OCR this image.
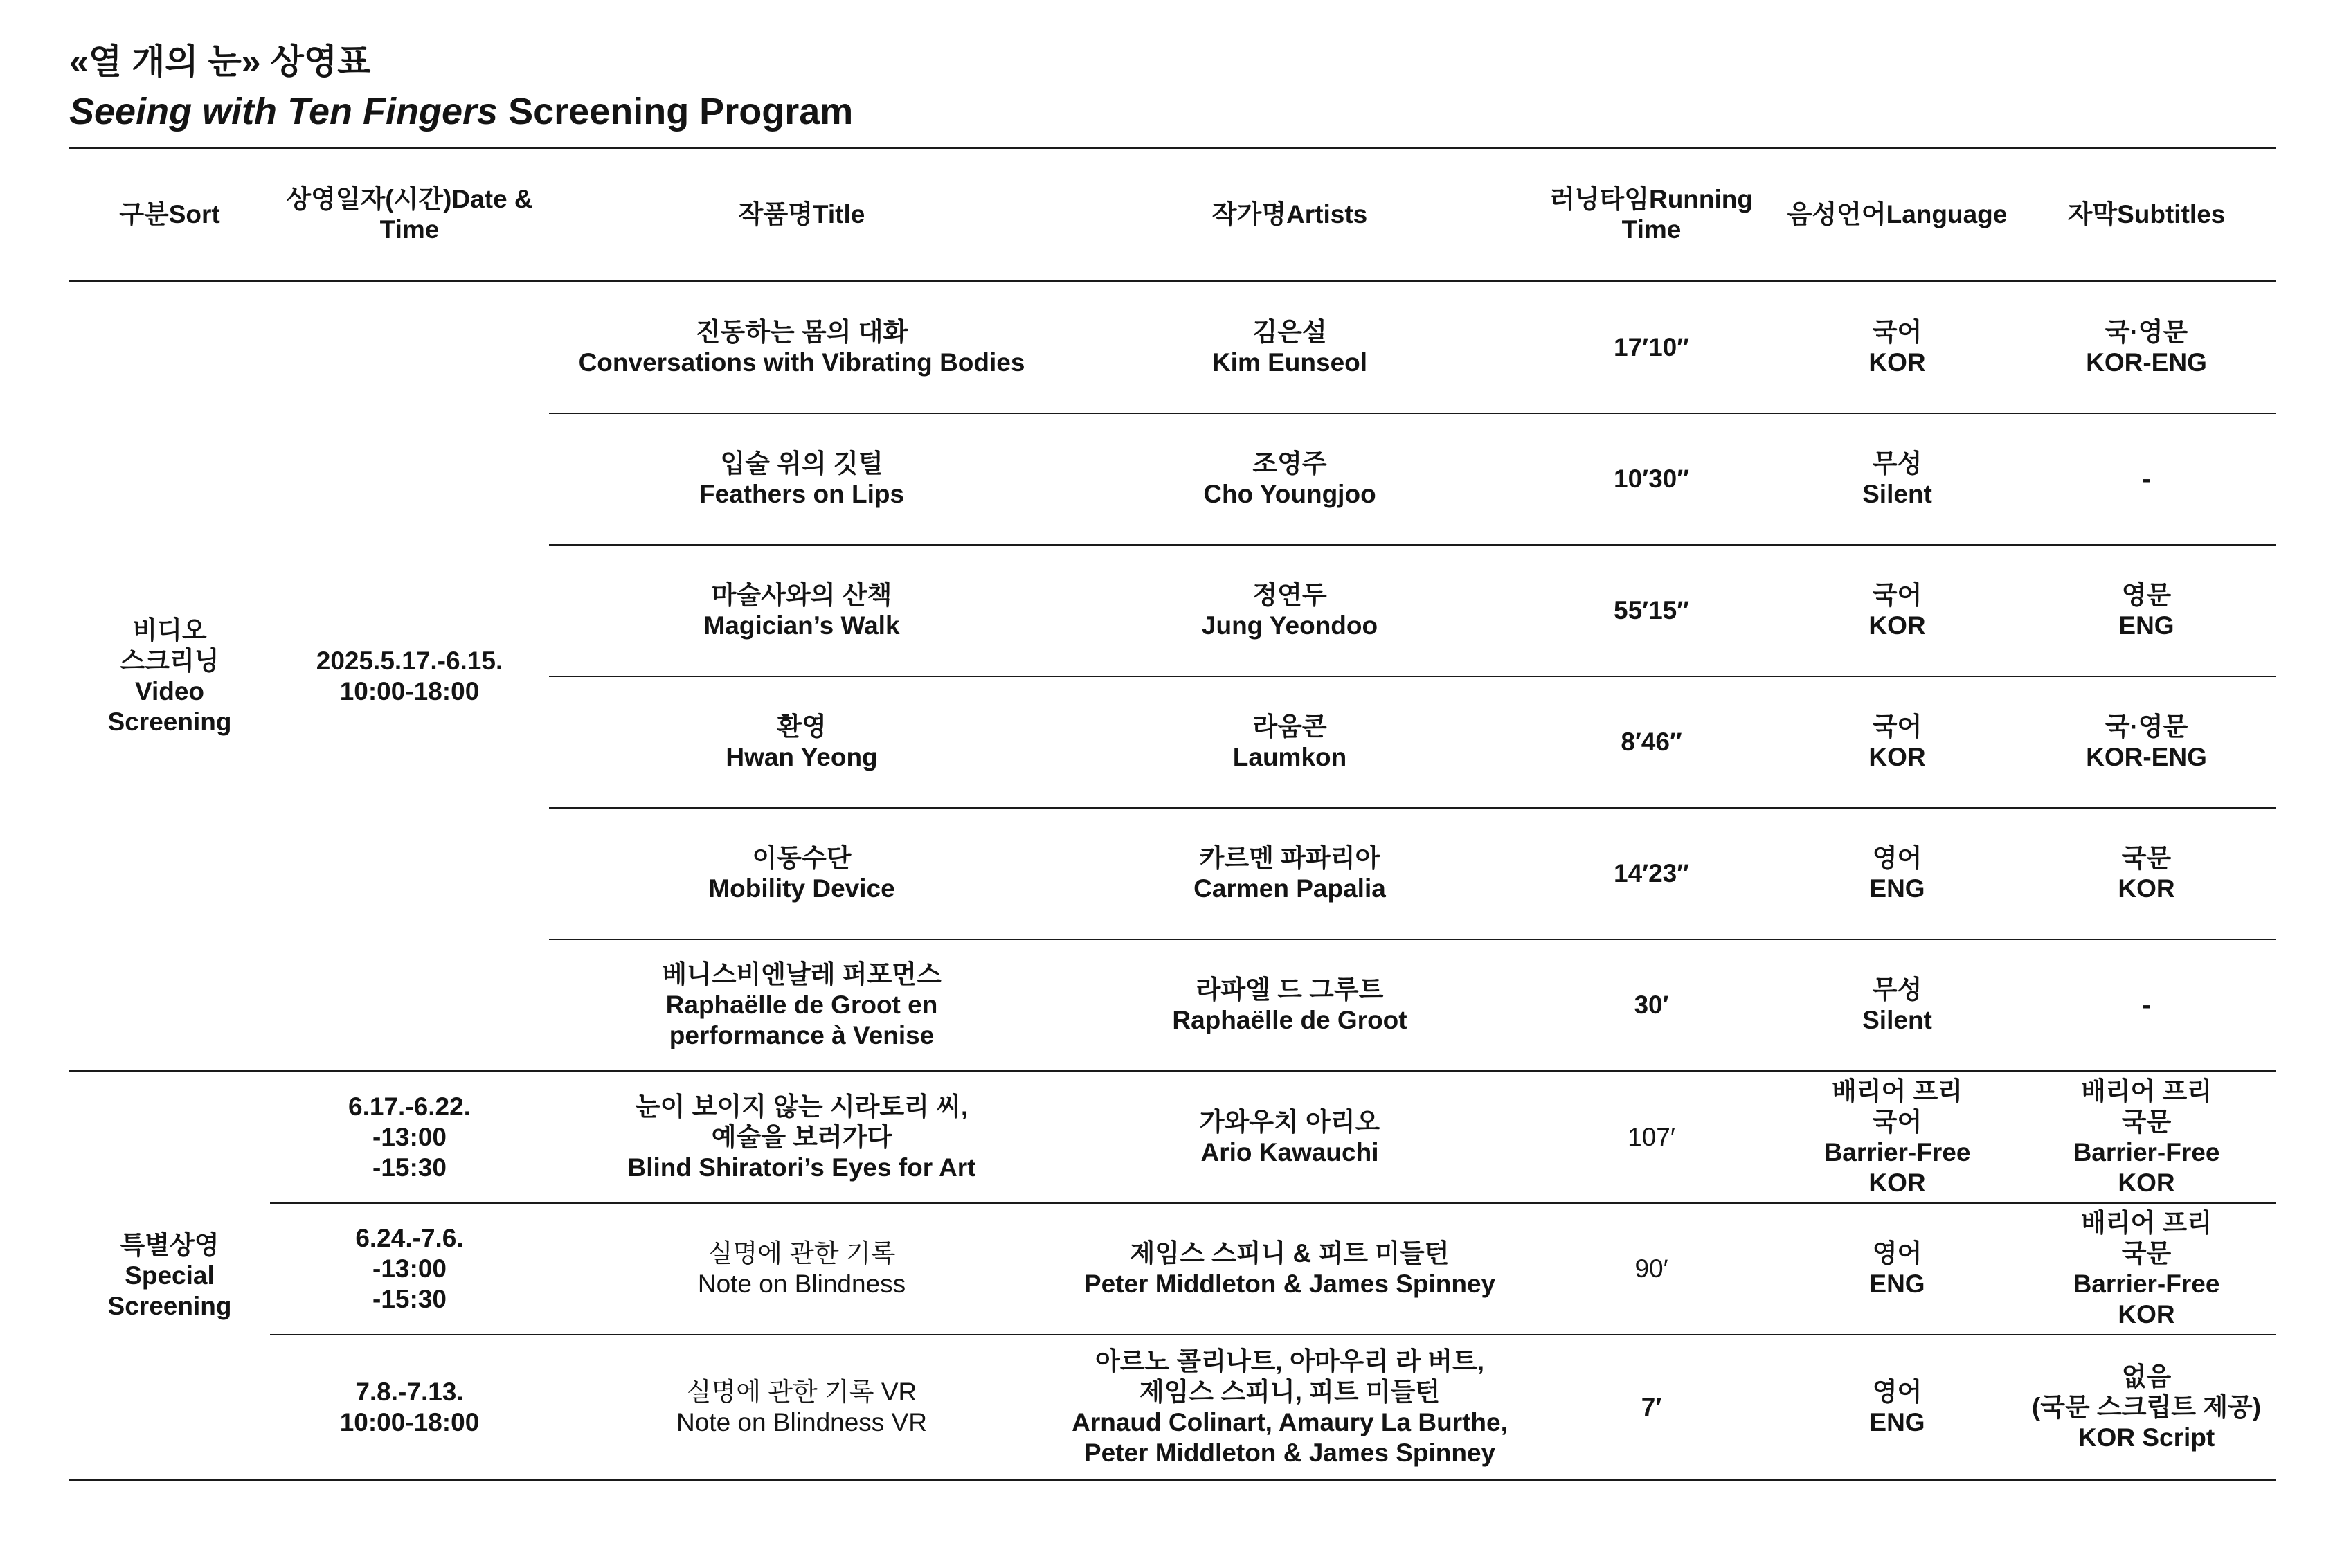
«열 개의 눈» 상영표
Seeing with Ten Fingers Screening Program
구분Sort	상영일자(시간)Date & Time	작품명Title	작가명Artists	러닝타임Running Time	음성언어Language	자막Subtitles

비디오
스크리닝
Video
Screening	2025.5.17.-6.15.
10:00-18:00	진동하는 몸의 대화
Conversations with Vibrating Bodies	김은설
Kim Eunseol	17′10″	국어
KOR	국·영문
KOR-ENG

		입술 위의 깃털
Feathers on Lips	조영주
Cho Youngjoo	10′30″	무성
Silent	-

		마술사와의 산책
Magician’s Walk	정연두
Jung Yeondoo	55′15″	국어
KOR	영문
ENG

		환영
Hwan Yeong	라움콘
Laumkon	8′46″	국어
KOR	국·영문
KOR-ENG

		이동수단
Mobility Device	카르멘 파파리아
Carmen Papalia	14′23″	영어
ENG	국문
KOR

		베니스비엔날레 퍼포먼스
Raphaëlle de Groot en
performance à Venise	라파엘 드 그루트
Raphaëlle de Groot	30′	무성
Silent	-

특별상영
Special
Screening	6.17.-6.22.
-13:00
-15:30	눈이 보이지 않는 시라토리 씨,
예술을 보러가다
Blind Shiratori’s Eyes for Art	가와우치 아리오
Ario Kawauchi	107′	배리어 프리
국어
Barrier-Free
KOR	배리어 프리
국문
Barrier-Free
KOR

	6.24.-7.6.
-13:00
-15:30	실명에 관한 기록
Note on Blindness	제임스 스피니 & 피트 미들턴
Peter Middleton & James Spinney	90′	영어
ENG	배리어 프리
국문
Barrier-Free
KOR

	7.8.-7.13.
10:00-18:00	실명에 관한 기록 VR
Note on Blindness VR	아르노 콜리나트, 아마우리 라 버트,
제임스 스피니, 피트 미들턴
Arnaud Colinart, Amaury La Burthe,
Peter Middleton & James Spinney	7′	영어
ENG	없음
(국문 스크립트 제공)
KOR Script
